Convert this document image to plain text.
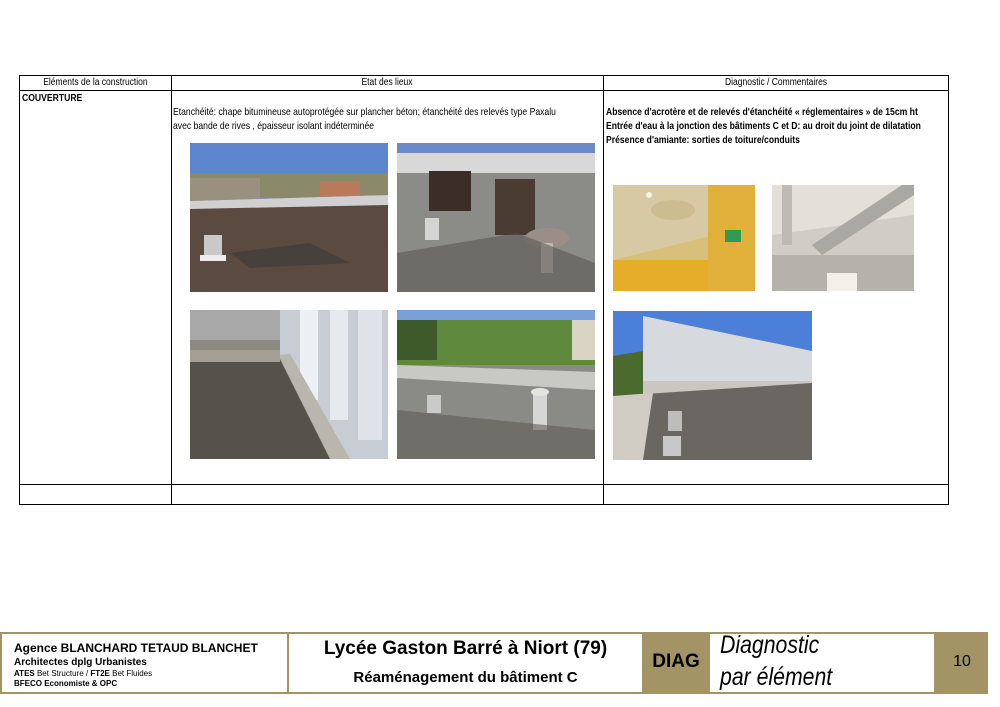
Eléments de la construction	Etat des lieux	Diagnostic / Commentaires
COUVERTURE
Etanchéité: chape bitumineuse autoprotégée sur plancher béton; étanchéité des relevés type Paxalu
avec bande de rives , épaisseur isolant indéterminée
Absence d'acrotère et de relevés d'étanchéité « réglementaires » de 15cm ht
Entrée d'eau à la jonction des bâtiments C et D: au droit du joint de dilatation
Présence d'amiante: sorties de toiture/conduits
Agence BLANCHARD TETAUD BLANCHET
Architectes dplg Urbanistes
ATES Bet Structure / FT2E Bet Fluides
BFECO Economiste & OPC
Lycée Gaston Barré à Niort (79)
Réaménagement du bâtiment C
DIAG
Diagnostic
par élément
10
